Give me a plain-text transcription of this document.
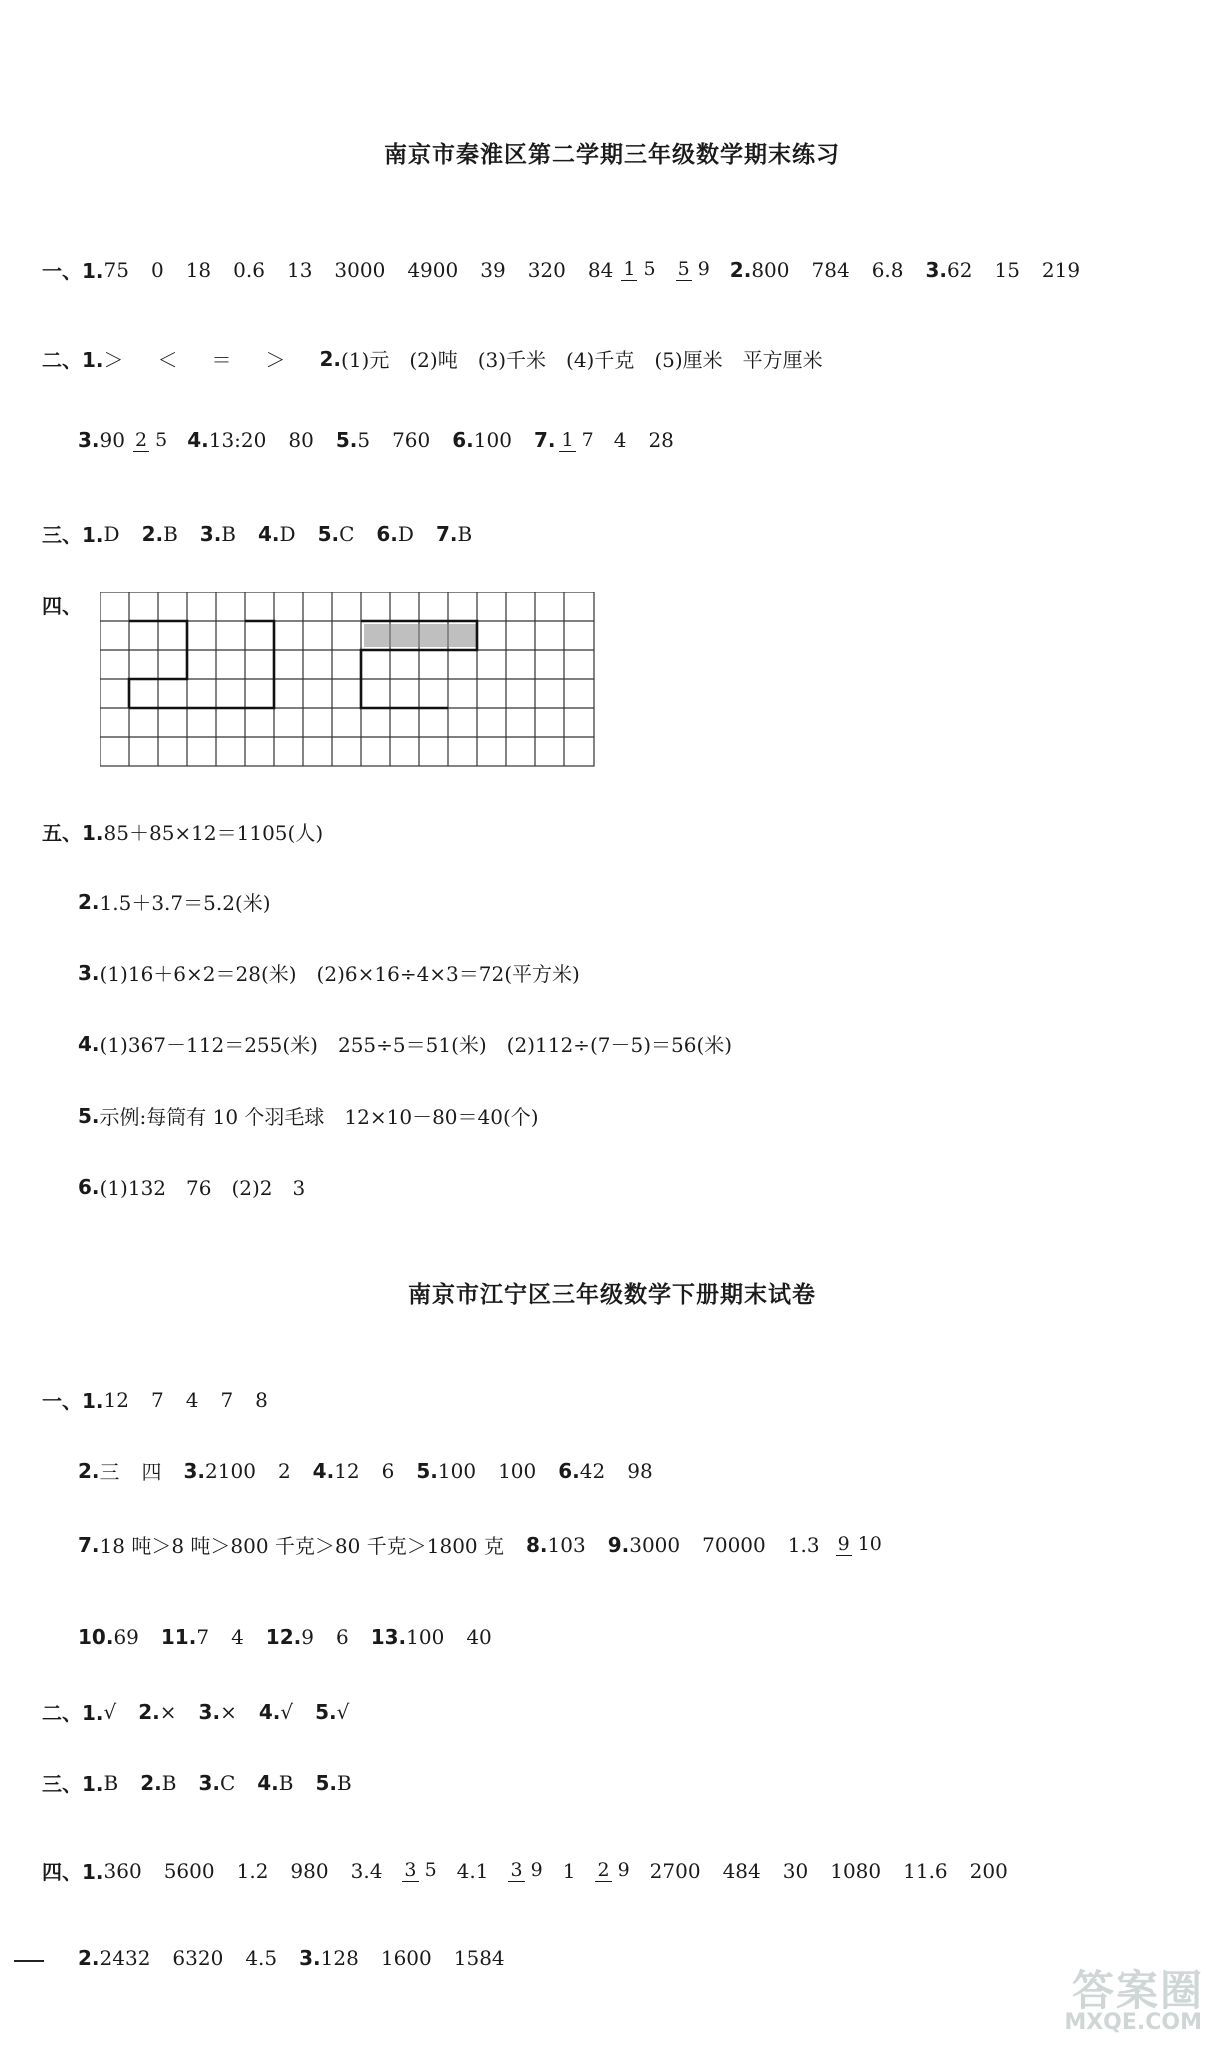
南京市秦淮区第二学期三年级数学期末练习
一、1. 75 0 18 0.6 13 3000 4900 39 320 84 1 5 5 9 2. 800 784 6.8 3. 62 15 219
二、1. ＞ ＜ ＝ ＞ 2. (1)元　(2)吨　(3)千米　(4)千克　(5)厘米　平方厘米
3. 90 2 5 4. 13:20 80 5. 5 760 6. 100 7. 1 7 4 28
三、1. D 2. B 3. B 4. D 5. C 6. D 7. B
四、
五、1. 85＋85×12＝1105(人)
2. 1.5＋3.7＝5.2(米)
3. (1)16＋6×2＝28(米)　(2)6×16÷4×3＝72(平方米)
4. (1)367－112＝255(米)　255÷5＝51(米)　(2)112÷(7－5)＝56(米)
5. 示例:每筒有 10 个羽毛球　12×10－80＝40(个)
6. (1)132　76　(2)2　3
南京市江宁区三年级数学下册期末试卷
一、1. 12 7 4 7 8
2. 三 四 3. 2100 2 4. 12 6 5. 100 100 6. 42 98
7. 18 吨＞8 吨＞800 千克＞80 千克＞1800 克 8. 103 9. 3000 70000 1.3 9 10
10. 69 11. 7 4 12. 9 6 13. 100 40
二、1. √ 2. × 3. × 4. √ 5. √
三、1. B 2. B 3. C 4. B 5. B
四、1. 360 5600 1.2 980 3.4 3 5 4.1 3 9 1 2 9 2700 484 30 1080 11.6 200
2. 2432 6320 4.5 3. 128 1600 1584
答案圈
MXQE.COM
